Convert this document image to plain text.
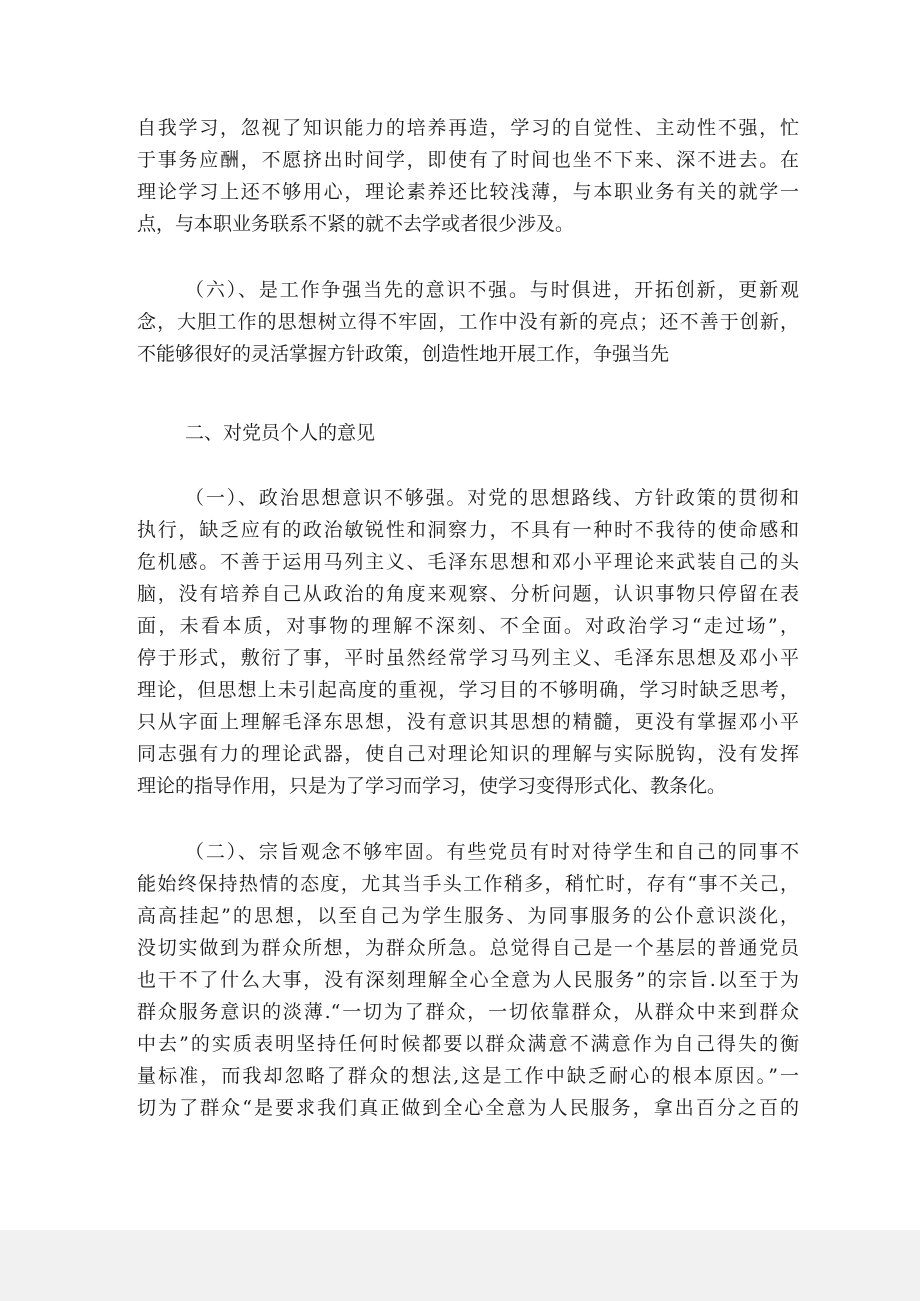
自我学习，忽视了知识能力的培养再造，学习的自觉性、主动性不强，忙
于事务应酬，不愿挤出时间学，即使有了时间也坐不下来、深不进去。在
理论学习上还不够用心，理论素养还比较浅薄，与本职业务有关的就学一
点，与本职业务联系不紧的就不去学或者很少涉及。
（六）、是工作争强当先的意识不强。与时俱进，开拓创新，更新观
念，大胆工作的思想树立得不牢固，工作中没有新的亮点；还不善于创新，
不能够很好的灵活掌握方针政策，创造性地开展工作，争强当先
二、对党员个人的意见
（一）、政治思想意识不够强。对党的思想路线、方针政策的贯彻和
执行，缺乏应有的政治敏锐性和洞察力，不具有一种时不我待的使命感和
危机感。不善于运用马列主义、毛泽东思想和邓小平理论来武装自己的头
脑，没有培养自己从政治的角度来观察、分析问题，认识事物只停留在表
面，未看本质，对事物的理解不深刻、不全面。对政治学习“走过场”，
停于形式，敷衍了事，平时虽然经常学习马列主义、毛泽东思想及邓小平
理论，但思想上未引起高度的重视，学习目的不够明确，学习时缺乏思考，
只从字面上理解毛泽东思想，没有意识其思想的精髓，更没有掌握邓小平
同志强有力的理论武器，使自己对理论知识的理解与实际脱钩，没有发挥
理论的指导作用，只是为了学习而学习，使学习变得形式化、教条化。
（二）、宗旨观念不够牢固。有些党员有时对待学生和自己的同事不
能始终保持热情的态度，尤其当手头工作稍多，稍忙时，存有“事不关己，
高高挂起”的思想，以至自己为学生服务、为同事服务的公仆意识淡化，
没切实做到为群众所想，为群众所急。总觉得自己是一个基层的普通党员
也干不了什么大事，没有深刻理解全心全意为人民服务”的宗旨.以至于为
群众服务意识的淡薄.“一切为了群众，一切依靠群众，从群众中来到群众
中去”的实质表明坚持任何时候都要以群众满意不满意作为自己得失的衡
量标准，而我却忽略了群众的想法,这是工作中缺乏耐心的根本原因。”一
切为了群众“是要求我们真正做到全心全意为人民服务，拿出百分之百的
